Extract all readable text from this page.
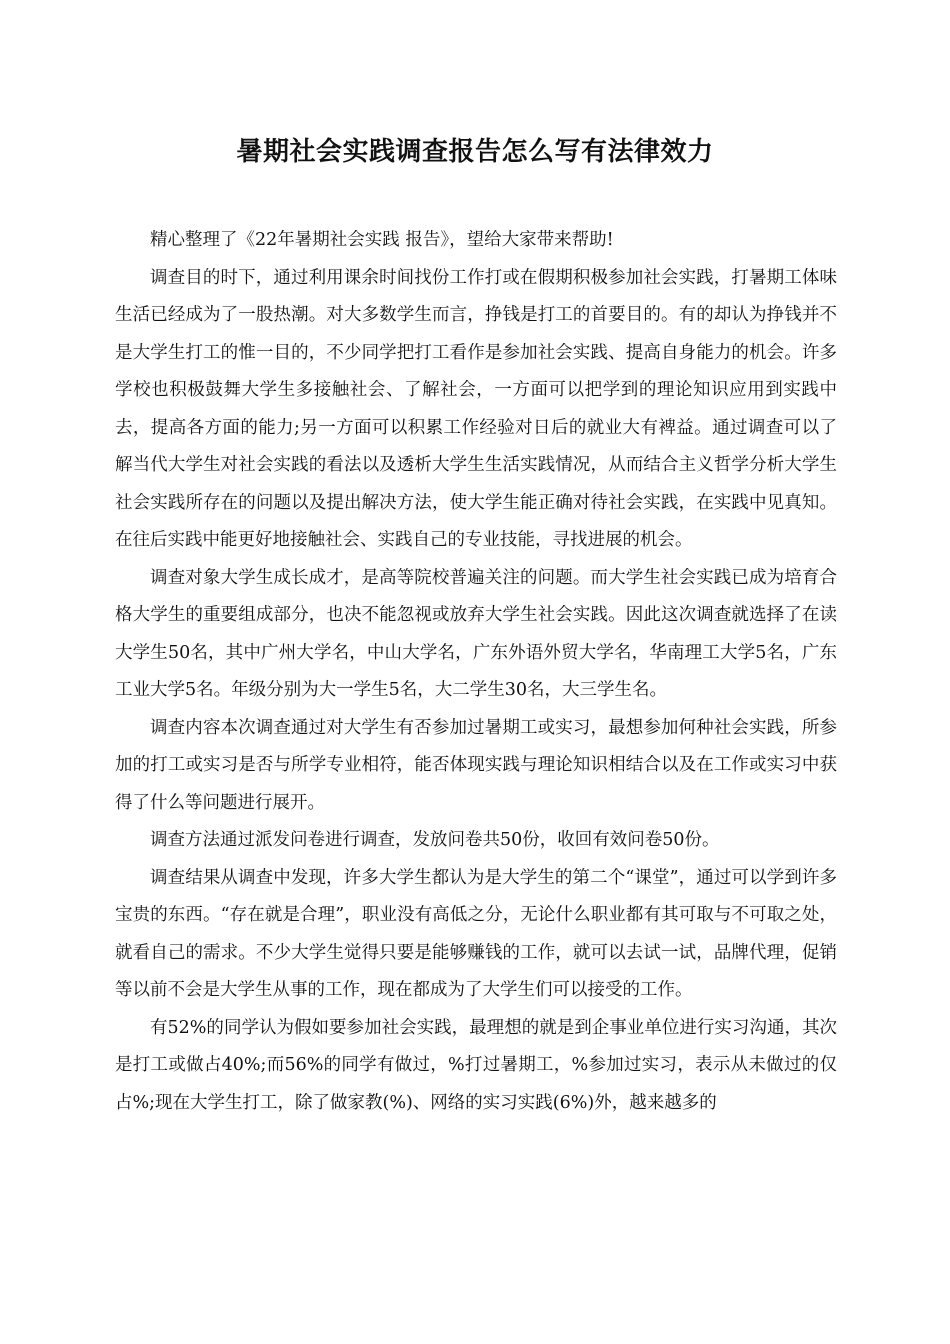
暑期社会实践调查报告怎么写有法律效力

精心整理了《22年暑期社会实践 报告》，望给大家带来帮助!

调查目的时下，通过利用课余时间找份工作打或在假期积极参加社会实践，打暑期工体味生活已经成为了一股热潮。对大多数学生而言，挣钱是打工的首要目的。有的却认为挣钱并不是大学生打工的惟一目的，不少同学把打工看作是参加社会实践、提高自身能力的机会。许多学校也积极鼓舞大学生多接触社会、了解社会，一方面可以把学到的理论知识应用到实践中去，提高各方面的能力;另一方面可以积累工作经验对日后的就业大有裨益。通过调查可以了解当代大学生对社会实践的看法以及透析大学生生活实践情况，从而结合主义哲学分析大学生社会实践所存在的问题以及提出解决方法，使大学生能正确对待社会实践，在实践中见真知。在往后实践中能更好地接触社会、实践自己的专业技能，寻找进展的机会。

调查对象大学生成长成才，是高等院校普遍关注的问题。而大学生社会实践已成为培育合格大学生的重要组成部分，也决不能忽视或放弃大学生社会实践。因此这次调查就选择了在读大学生50名，其中广州大学名，中山大学名，广东外语外贸大学名，华南理工大学5名，广东工业大学5名。年级分别为大一学生5名，大二学生30名，大三学生名。

调查内容本次调查通过对大学生有否参加过暑期工或实习，最想参加何种社会实践，所参加的打工或实习是否与所学专业相符，能否体现实践与理论知识相结合以及在工作或实习中获得了什么等问题进行展开。

调查方法通过派发问卷进行调查，发放问卷共50份，收回有效问卷50份。

调查结果从调查中发现，许多大学生都认为是大学生的第二个“课堂”，通过可以学到许多宝贵的东西。“存在就是合理”，职业没有高低之分，无论什么职业都有其可取与不可取之处，就看自己的需求。不少大学生觉得只要是能够赚钱的工作，就可以去试一试，品牌代理，促销等以前不会是大学生从事的工作，现在都成为了大学生们可以接受的工作。

有52%的同学认为假如要参加社会实践，最理想的就是到企事业单位进行实习沟通，其次是打工或做占40%;而56%的同学有做过，%打过暑期工，%参加过实习，表示从未做过的仅占%;现在大学生打工，除了做家教(%)、网络的实习实践(6%)外，越来越多的
